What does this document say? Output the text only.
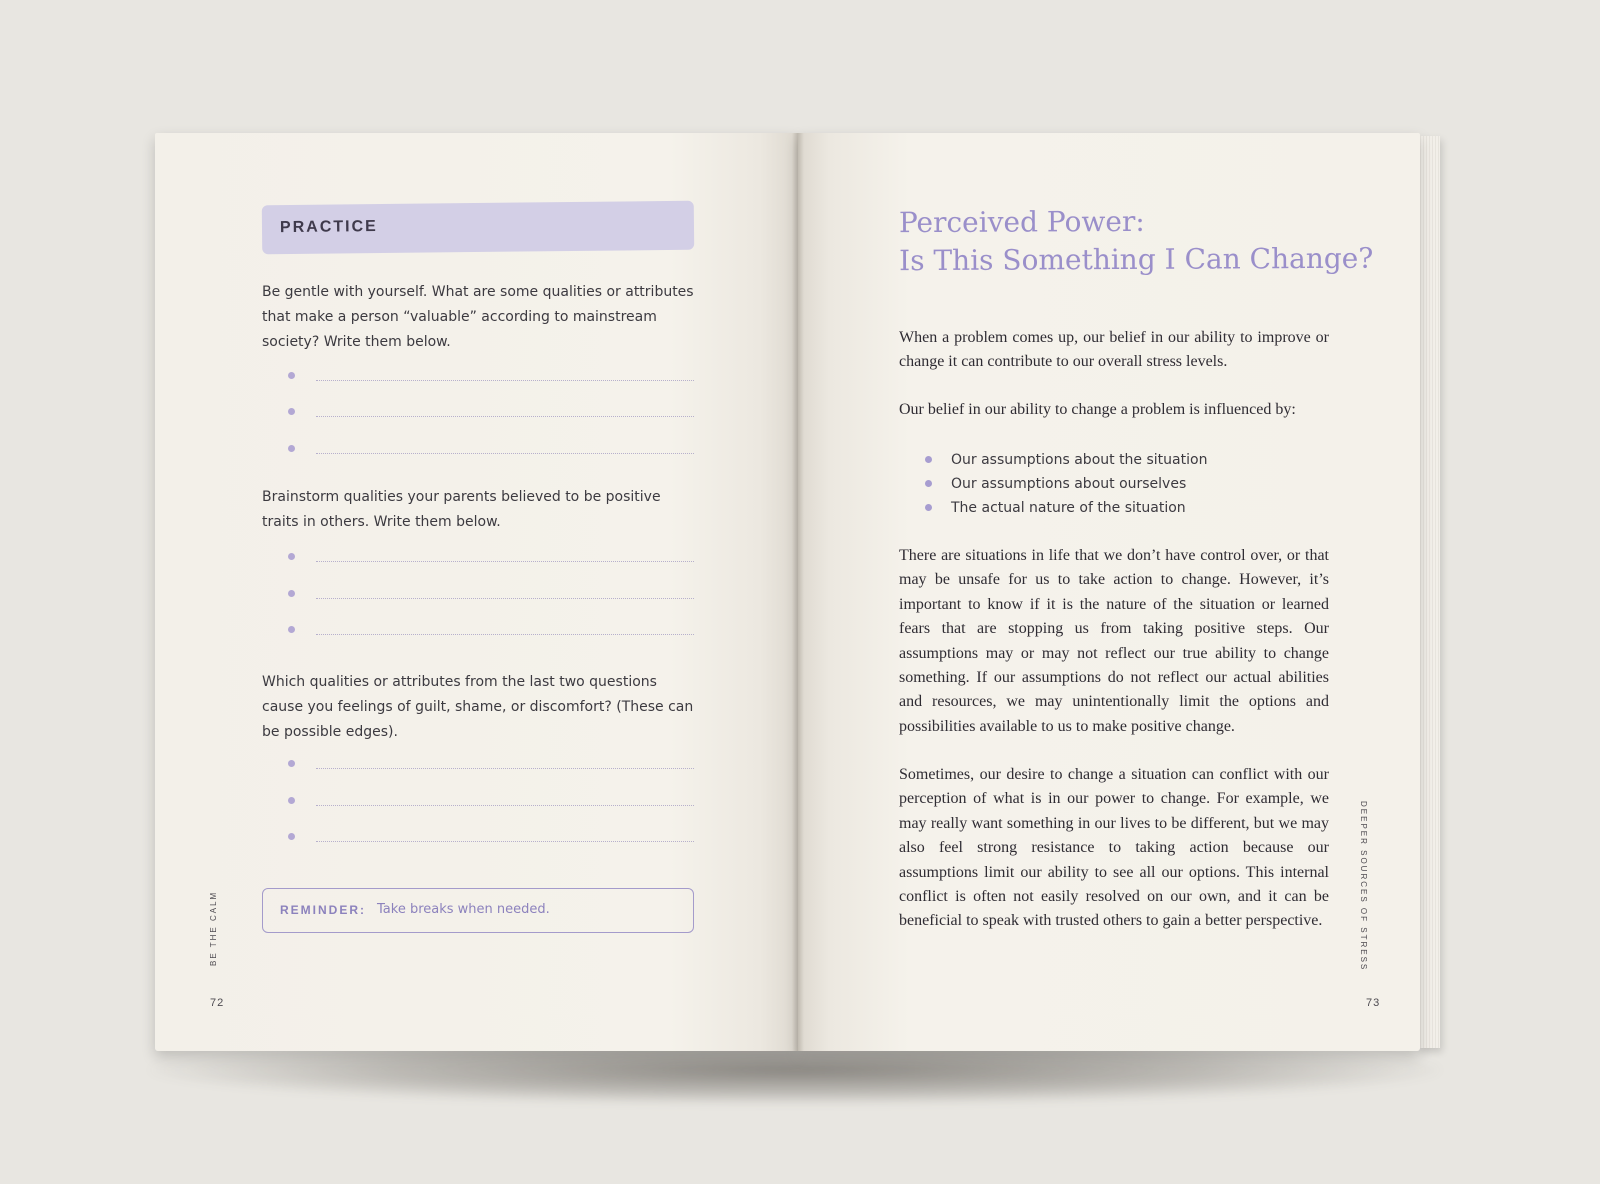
PRACTICE
Be gentle with yourself. What are some qualities or attributes that make a person “valuable” according to mainstream society? Write them below.
Brainstorm qualities your parents believed to be positive traits in others. Write them below.
Which qualities or attributes from the last two questions cause you feelings of guilt, shame, or discomfort? (These can be possible edges).
REMINDER: Take breaks when needed.
BE THE CALM
72
Perceived Power:
Is This Something I Can Change?
When a problem comes up, our belief in our ability to improve or change it can contribute to our overall stress levels.
Our belief in our ability to change a problem is influenced by:
Our assumptions about the situation
Our assumptions about ourselves
The actual nature of the situation
There are situations in life that we don’t have control over, or that may be unsafe for us to take action to change. However, it’s important to know if it is the nature of the situation or learned fears that are stopping us from taking positive steps. Our assumptions may or may not reflect our true ability to change something. If our assumptions do not reflect our actual abilities and resources, we may unintentionally limit the options and possibilities available to us to make positive change.
Sometimes, our desire to change a situation can conflict with our perception of what is in our power to change. For example, we may really want something in our lives to be different, but we may also feel strong resistance to taking action because our assumptions limit our ability to see all our options. This internal conflict is often not easily resolved on our own, and it can be beneficial to speak with trusted others to gain a better perspective.	DEEPER SOURCES OF STRESS
73
